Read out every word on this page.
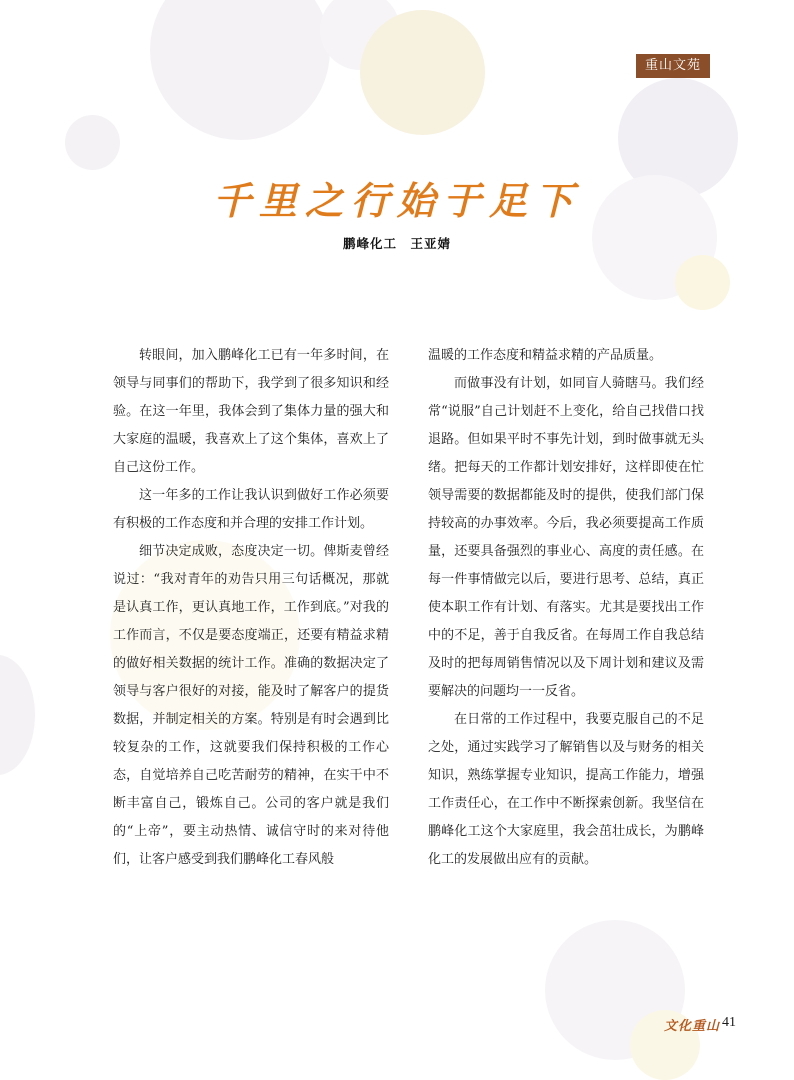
重山文苑
千里之行始于足下
鹏峰化工　王亚婧

转眼间，加入鹏峰化工已有一年多时间，在领导与同事们的帮助下，我学到了很多知识和经验。在这一年里，我体会到了集体力量的强大和大家庭的温暖，我喜欢上了这个集体，喜欢上了自己这份工作。

这一年多的工作让我认识到做好工作必须要有积极的工作态度和并合理的安排工作计划。

细节决定成败，态度决定一切。俾斯麦曾经说过：“我对青年的劝告只用三句话概况，那就是认真工作，更认真地工作，工作到底。”对我的工作而言，不仅是要态度端正，还要有精益求精的做好相关数据的统计工作。准确的数据决定了领导与客户很好的对接，能及时了解客户的提货数据，并制定相关的方案。特别是有时会遇到比较复杂的工作，这就要我们保持积极的工作心态，自觉培养自己吃苦耐劳的精神，在实干中不断丰富自己，锻炼自己。公司的客户就是我们的“上帝”，要主动热情、诚信守时的来对待他们，让客户感受到我们鹏峰化工春风般

温暖的工作态度和精益求精的产品质量。

而做事没有计划，如同盲人骑瞎马。我们经常“说服”自己计划赶不上变化，给自己找借口找退路。但如果平时不事先计划，到时做事就无头绪。把每天的工作都计划安排好，这样即使在忙领导需要的数据都能及时的提供，使我们部门保持较高的办事效率。今后，我必须要提高工作质量，还要具备强烈的事业心、高度的责任感。在每一件事情做完以后，要进行思考、总结，真正使本职工作有计划、有落实。尤其是要找出工作中的不足，善于自我反省。在每周工作自我总结及时的把每周销售情况以及下周计划和建议及需要解决的问题均一一反省。

在日常的工作过程中，我要克服自己的不足之处，通过实践学习了解销售以及与财务的相关知识，熟练掌握专业知识，提高工作能力，增强工作责任心，在工作中不断探索创新。我坚信在鹏峰化工这个大家庭里，我会茁壮成长，为鹏峰化工的发展做出应有的贡献。

文化重山 41
